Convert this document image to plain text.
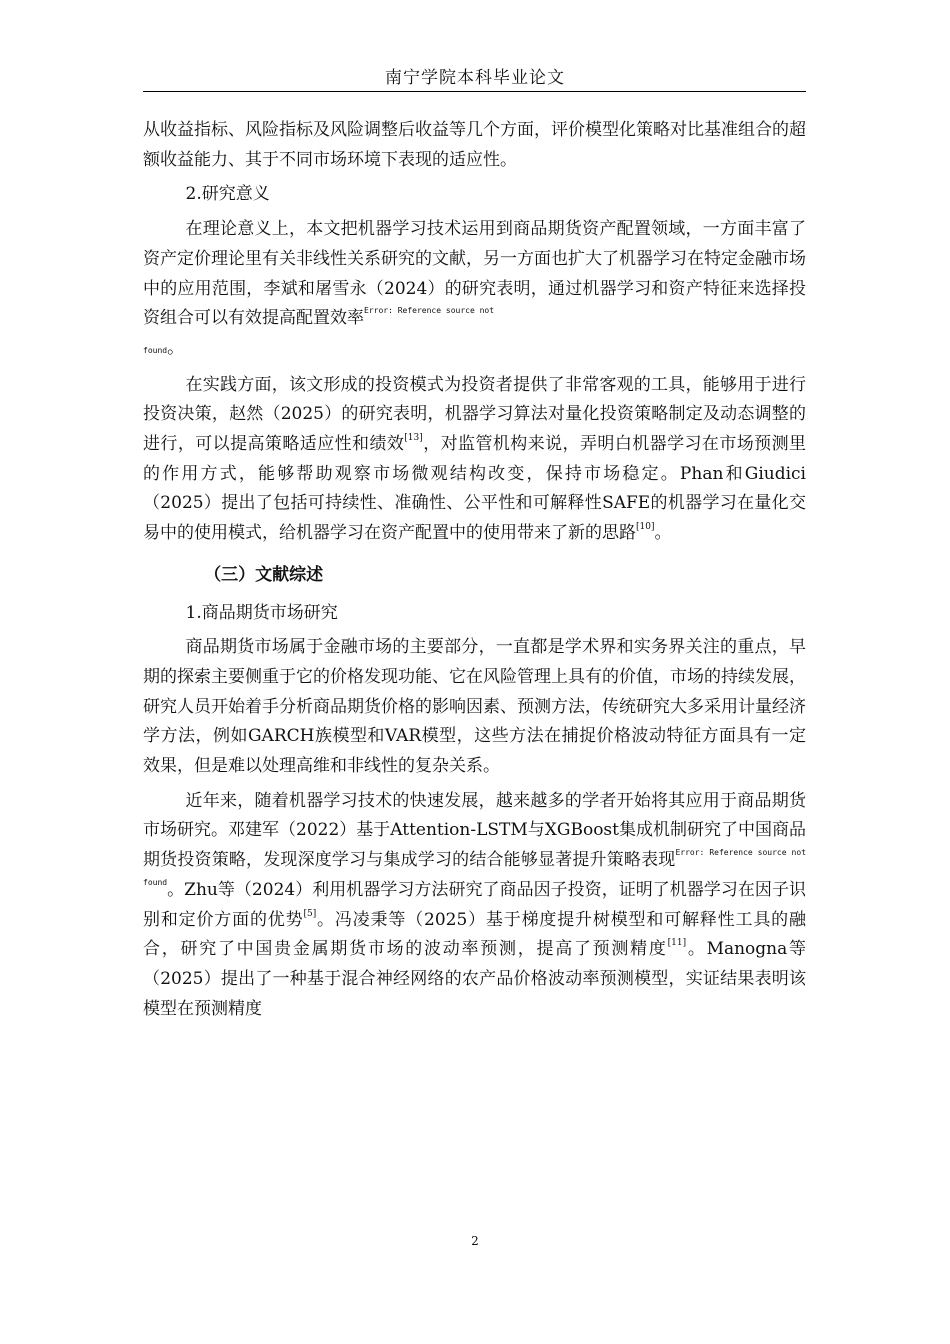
南宁学院本科毕业论文

从收益指标、风险指标及风险调整后收益等几个方面，评价模型化策略对比基准组合的超额收益能力、其于不同市场环境下表现的适应性。

2.研究意义

在理论意义上，本文把机器学习技术运用到商品期货资产配置领域，一方面丰富了资产定价理论里有关非线性关系研究的文献，另一方面也扩大了机器学习在特定金融市场中的应用范围，李斌和屠雪永（2024）的研究表明，通过机器学习和资产特征来选择投资组合可以有效提高配置效率$^{Error: Reference source not}$
found。

在实践方面，该文形成的投资模式为投资者提供了非常客观的工具，能够用于进行投资决策，赵然（2025）的研究表明，机器学习算法对量化投资策略制定及动态调整的进行，可以提高策略适应性和绩效[13]，对监管机构来说，弄明白机器学习在市场预测里的作用方式，能够帮助观察市场微观结构改变，保持市场稳定。Phan和Giudici（2025）提出了包括可持续性、准确性、公平性和可解释性SAFE的机器学习在量化交易中的使用模式，给机器学习在资产配置中的使用带来了新的思路[10]。

（三）文献综述

1.商品期货市场研究

商品期货市场属于金融市场的主要部分，一直都是学术界和实务界关注的重点，早期的探索主要侧重于它的价格发现功能、它在风险管理上具有的价值，市场的持续发展，研究人员开始着手分析商品期货价格的影响因素、预测方法，传统研究大多采用计量经济学方法，例如GARCH族模型和VAR模型，这些方法在捕捉价格波动特征方面具有一定效果，但是难以处理高维和非线性的复杂关系。

近年来，随着机器学习技术的快速发展，越来越多的学者开始将其应用于商品期货市场研究。邓建军（2022）基于Attention-LSTM与XGBoost集成机制研究了中国商品期货投资策略，发现深度学习与集成学习的结合能够显著提升策略表现$^{Error: Reference source not found}$。Zhu等（2024）利用机器学习方法研究了商品因子投资，证明了机器学习在因子识别和定价方面的优势[5]。冯凌秉等（2025）基于梯度提升树模型和可解释性工具的融合，研究了中国贵金属期货市场的波动率预测，提高了预测精度[11]。Manogna等（2025）提出了一种基于混合神经网络的农产品价格波动率预测模型，实证结果表明该模型在预测精度

2
